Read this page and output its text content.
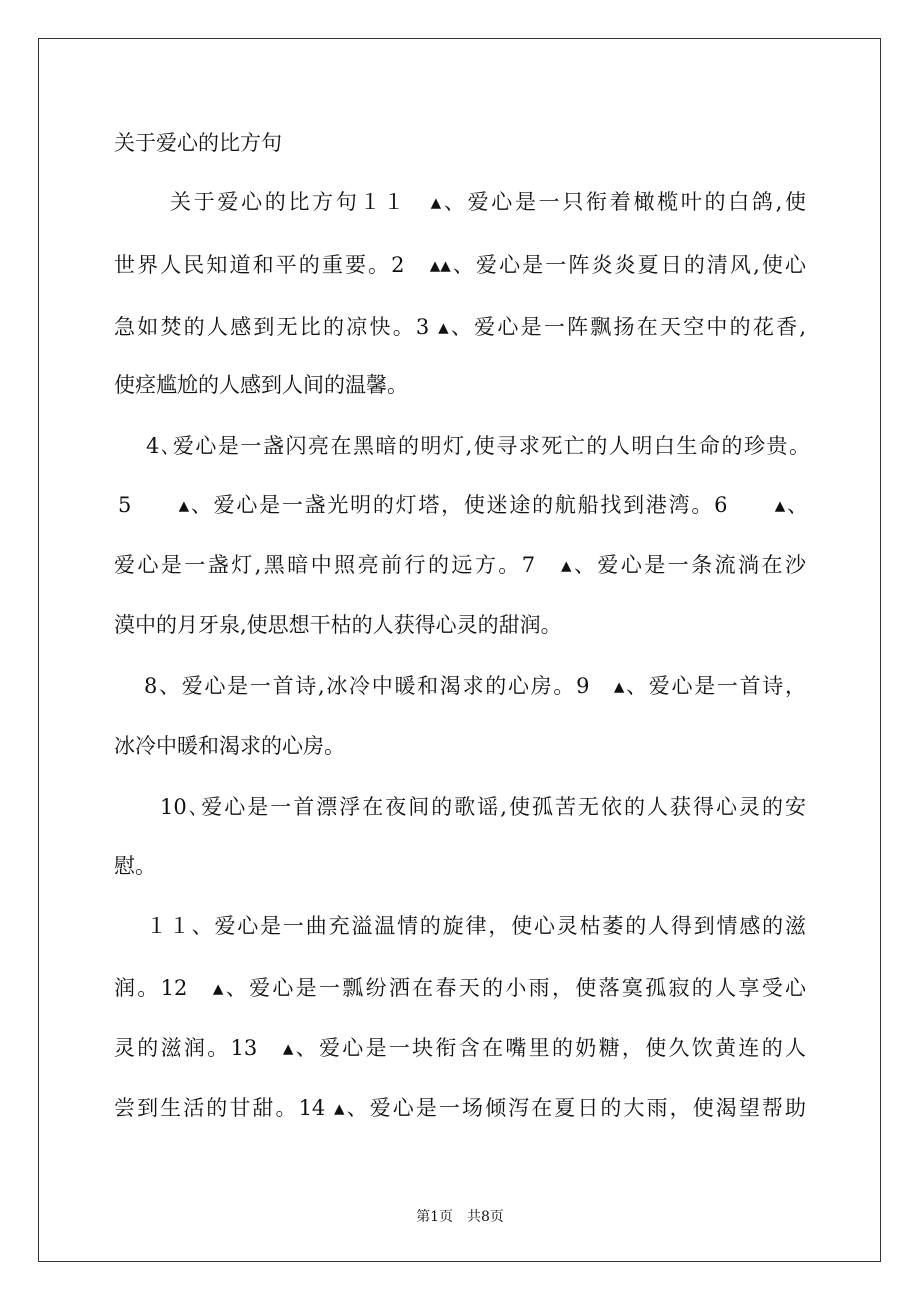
关于爱心的比方句
关于爱心的比方句１１　▴、爱心是一只衔着橄榄叶的白鸽,使
世界人民知道和平的重要。2　▴▴、爱心是一阵炎炎夏日的清风,使心
急如焚的人感到无比的凉快。3 ▴、爱心是一阵飘扬在天空中的花香,
使痉尴尬的人感到人间的温馨。
4､爱心是一盏闪亮在黑暗的明灯,使寻求死亡的人明白生命的珍贵。
5　　▴、爱心是一盏光明的灯塔，使迷途的航船找到港湾。6　　▴、
爱心是一盏灯,黑暗中照亮前行的远方。7　▴、爱心是一条流淌在沙
漠中的月牙泉,使思想干枯的人获得心灵的甜润。
8、爱心是一首诗,冰冷中暖和渴求的心房。9　▴、爱心是一首诗，
冰冷中暖和渴求的心房。
10､爱心是一首漂浮在夜间的歌谣,使孤苦无依的人获得心灵的安
慰。
１１、爱心是一曲充溢温情的旋律，使心灵枯萎的人得到情感的滋
润。12　▴、爱心是一瓢纷洒在春天的小雨，使落寞孤寂的人享受心
灵的滋润。13　▴、爱心是一块衔含在嘴里的奶糖，使久饮黄连的人
尝到生活的甘甜。14 ▴、爱心是一场倾泻在夏日的大雨，使渴望帮助
第1页　共8页
